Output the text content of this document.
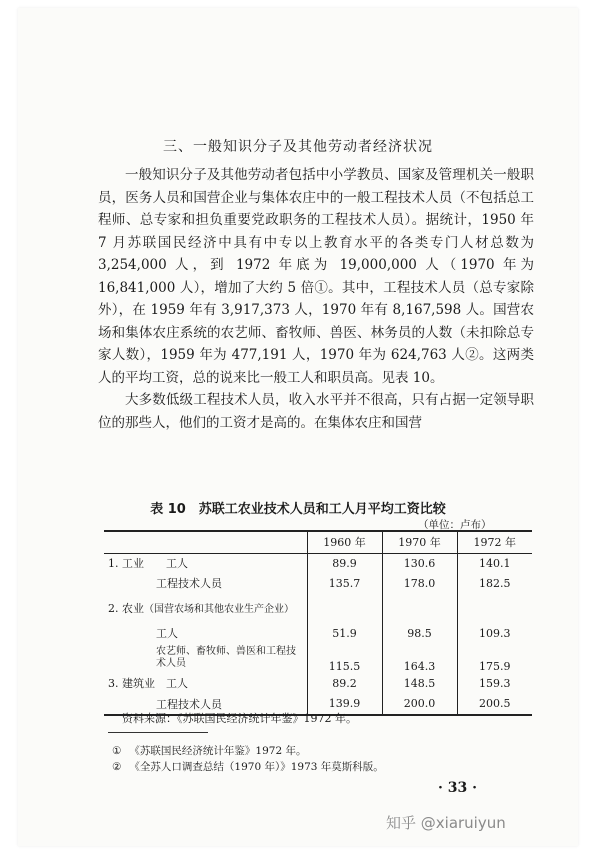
三、一般知识分子及其他劳动者经济状况

一般知识分子及其他劳动者包括中小学教员、国家及管理机关一般职员，医务人员和国营企业与集体农庄中的一般工程技术人员（不包括总工程师、总专家和担负重要党政职务的工程技术人员）。据统计，1950 年 7 月苏联国民经济中具有中专以上教育水平的各类专门人材总数为 3,254,000 人，到 1972 年底为 19,000,000 人（1970 年为 16,841,000 人），增加了大约 5 倍①。其中，工程技术人员（总专家除外），在 1959 年有 3,917,373 人，1970 年有 8,167,598 人。国营农场和集体农庄系统的农艺师、畜牧师、兽医、林务员的人数（未扣除总专家人数），1959 年为 477,191 人，1970 年为 624,763 人②。这两类人的平均工资，总的说来比一般工人和职员高。见表 10。

大多数低级工程技术人员，收入水平并不很高，只有占据一定领导职位的那些人，他们的工资才是高的。在集体农庄和国营

表 10　苏联工农业技术人员和工人月平均工资比较
（单位：卢布）
	1960 年	1970 年	1972 年
1. 工业　　 工人	89.9	130.6	140.1

工程技术人员	135.7	178.0	182.5
2. 农业（国营农场和其他农业生产企业）			

工人	51.9	98.5	109.3

农艺师、畜牧师、兽医和工程技术人员	115.5	164.3	175.9
3. 建筑业　 工人	89.2	148.5	159.3

工程技术人员	139.9	200.0	200.5
资料来源：《苏联国民经济统计年鉴》1972 年。
① 《苏联国民经济统计年鉴》1972 年。
② 《全苏人口调查总结（1970 年）》1973 年莫斯科版。
· 33 ·
知乎 @xiaruiyun
